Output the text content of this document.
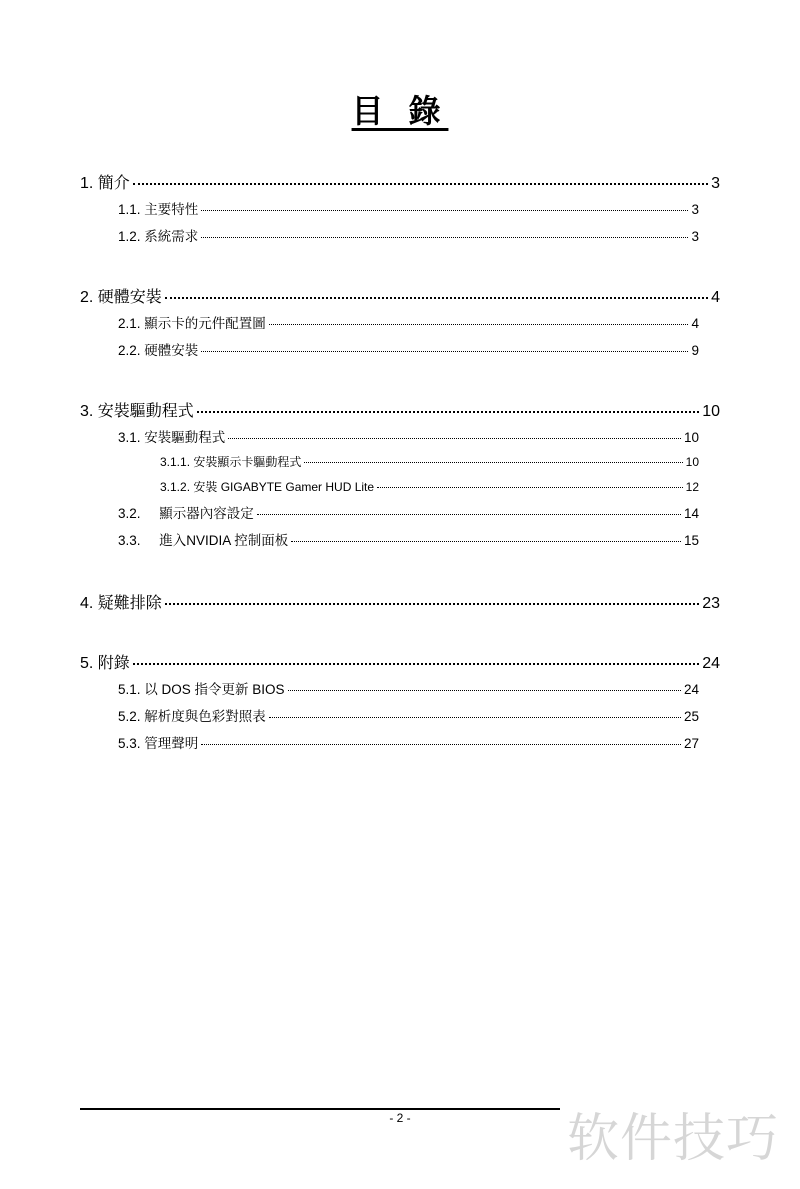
目 錄
1. 簡介	3
1.1. 主要特性	3
1.2. 系統需求	3
2. 硬體安裝	4
2.1. 顯示卡的元件配置圖	4
2.2. 硬體安裝	9
3. 安裝驅動程式	10
3.1. 安裝驅動程式	10
3.1.1. 安裝顯示卡驅動程式	10
3.1.2. 安裝 GIGABYTE Gamer HUD Lite	12
3.2.     顯示器內容設定	14
3.3.     進入NVIDIA 控制面板	15
4. 疑難排除	23
5. 附錄	24
5.1. 以 DOS 指令更新 BIOS	24
5.2. 解析度與色彩對照表	25
5.3. 管理聲明	27
- 2 -	软件技巧
